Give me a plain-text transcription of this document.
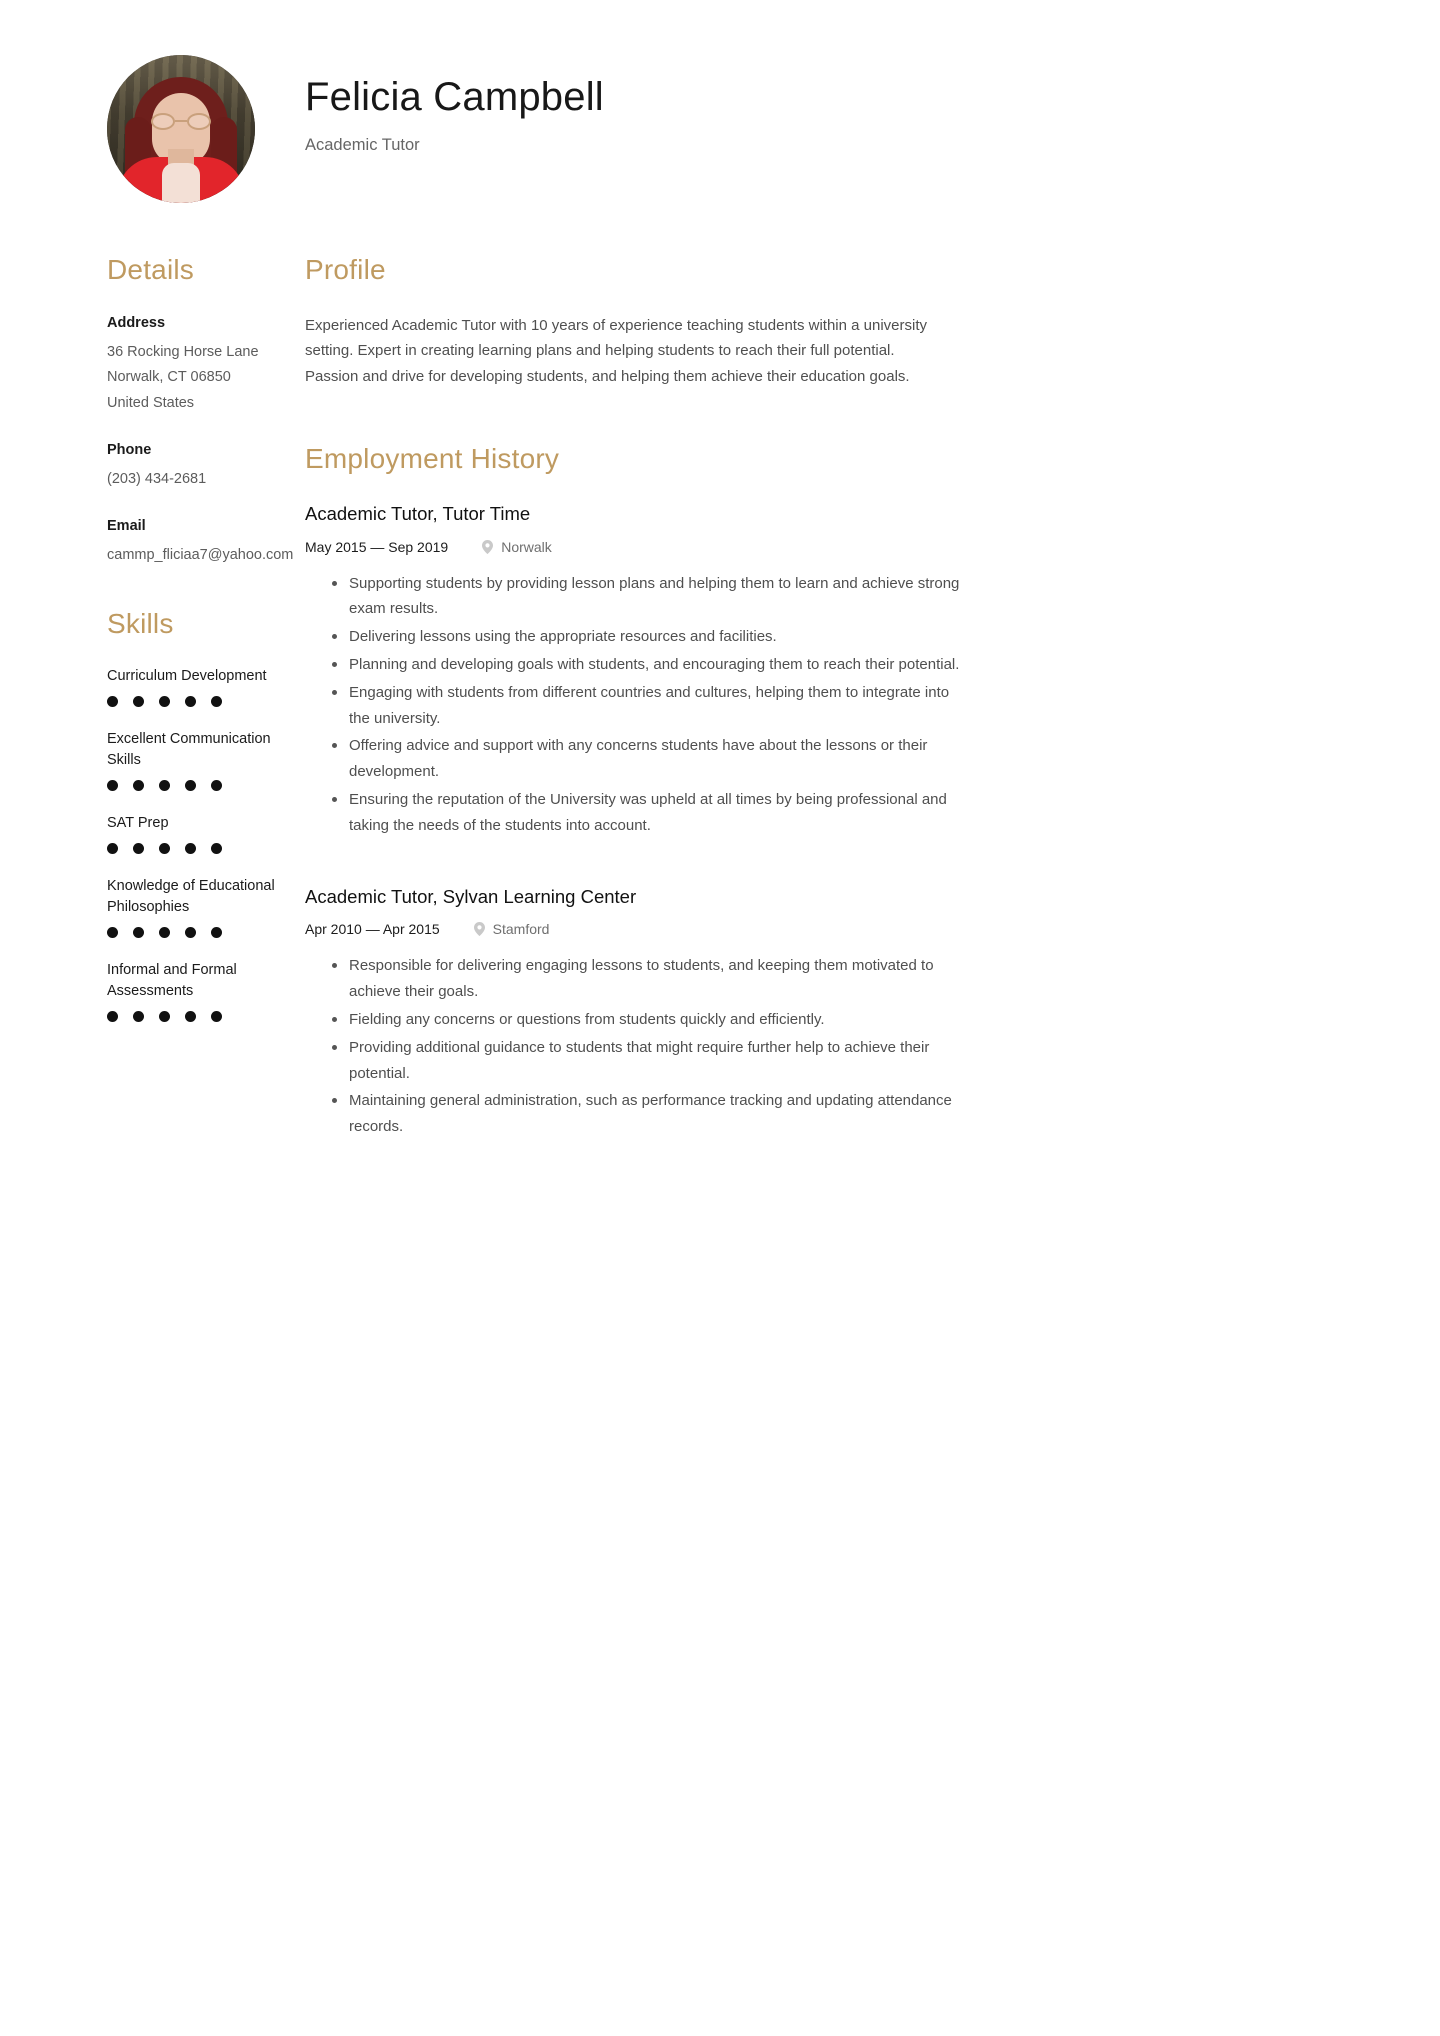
Felicia Campbell
Academic Tutor
Details
Address
36 Rocking Horse Lane
Norwalk, CT 06850
United States
Phone
(203) 434-2681
Email
cammp_fliciaa7@yahoo.com
Skills
Curriculum Development
Excellent Communication Skills
SAT Prep
Knowledge of Educational Philosophies
Informal and Formal Assessments
Profile

Experienced Academic Tutor with 10 years of experience teaching students within a university setting. Expert in creating learning plans and helping students to reach their full potential. Passion and drive for developing students, and helping them achieve their education goals.

Employment History
Academic Tutor, Tutor Time
May 2015 — Sep 2019	Norwalk
Supporting students by providing lesson plans and helping them to learn and achieve strong exam results.
Delivering lessons using the appropriate resources and facilities.
Planning and developing goals with students, and encouraging them to reach their potential.
Engaging with students from different countries and cultures, helping them to integrate into the university.
Offering advice and support with any concerns students have about the lessons or their development.
Ensuring the reputation of the University was upheld at all times by being professional and taking the needs of the students into account.
Academic Tutor, Sylvan Learning Center
Apr 2010 — Apr 2015	Stamford
Responsible for delivering engaging lessons to students, and keeping them motivated to achieve their goals.
Fielding any concerns or questions from students quickly and efficiently.
Providing additional guidance to students that might require further help to achieve their potential.
Maintaining general administration, such as performance tracking and updating attendance records.
